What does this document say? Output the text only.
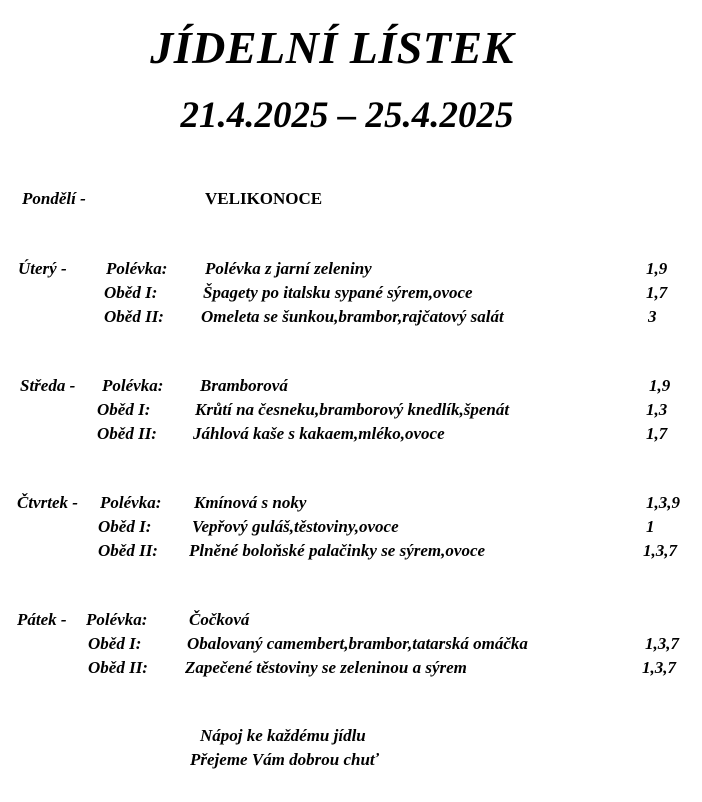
JÍDELNÍ LÍSTEK
21.4.2025 – 25.4.2025
Pondělí -	VELIKONOCE
Úterý - Polévka: Polévka z jarní zeleniny	1,9
Oběd I:	Špagety po italsku sypané sýrem,ovoce	1,7
Oběd II: Omeleta se šunkou,brambor,rajčatový salát	3
Středa - Polévka: Bramborová	1,9
Oběd I:	Krůtí na česneku,bramborový knedlík,špenát	1,3
Oběd II: Jáhlová kaše s kakaem,mléko,ovoce	1,7
Čtvrtek - Polévka: Kmínová s noky	1,3,9
Oběd I: Vepřový guláš,těstoviny,ovoce	1
Oběd II: Plněné boloňské palačinky se sýrem,ovoce	1,3,7
Pátek - Polévka: Čočková
Oběd I:	Obalovaný camembert,brambor,tatarská omáčka	1,3,7
Oběd II: Zapečené těstoviny se zeleninou a sýrem	1,3,7
Nápoj ke každému jídlu
Přejeme Vám dobrou chuť
